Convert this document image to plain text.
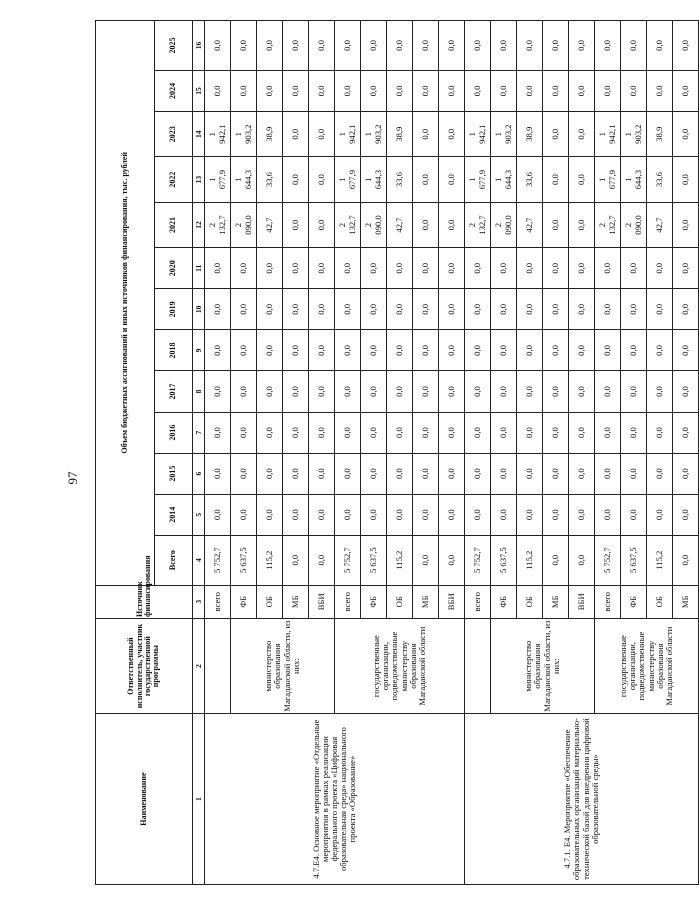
97
Наименование	Ответственный исполнитель, участник государственной программы	Источник финансирования	Объем бюджетных ассигнований и иных источников финансирования, тыс. рублей												
			Всего	2014	2015	2016	2017	2018	2019	2020	2021	2022	2023	2024	2025
1	2	3	4	5	6	7	8	9	10	11	12	13	14	15	16
4.7.Е4. Основное мероприятие «Отдельные мероприятия в рамках реализации федерального проекта «Цифровая образовательная среда» национального проекта «Образование»		всего	5 752,7	0,0	0,0	0,0	0,0	0,0	0,0	0,0	2 132,7	1 677,9	1 942,1	0,0	0,0
	министерство образования Магаданской области, из них:	ФБ	5 637,5	0,0	0,0	0,0	0,0	0,0	0,0	0,0	2 090,0	1 644,3	1 903,2	0,0	0,0
		ОБ	115,2	0,0	0,0	0,0	0,0	0,0	0,0	0,0	42,7	33,6	38,9	0,0	0,0
		МБ	0,0	0,0	0,0	0,0	0,0	0,0	0,0	0,0	0,0	0,0	0,0	0,0	0,0
		ВБИ	0,0	0,0	0,0	0,0	0,0	0,0	0,0	0,0	0,0	0,0	0,0	0,0	0,0
	государственные организации, подведомственные министерству образования Магаданской области	всего	5 752,7	0,0	0,0	0,0	0,0	0,0	0,0	0,0	2 132,7	1 677,9	1 942,1	0,0	0,0
		ФБ	5 637,5	0,0	0,0	0,0	0,0	0,0	0,0	0,0	2 090,0	1 644,3	1 903,2	0,0	0,0
		ОБ	115,2	0,0	0,0	0,0	0,0	0,0	0,0	0,0	42,7	33,6	38,9	0,0	0,0
		МБ	0,0	0,0	0,0	0,0	0,0	0,0	0,0	0,0	0,0	0,0	0,0	0,0	0,0
		ВБИ	0,0	0,0	0,0	0,0	0,0	0,0	0,0	0,0	0,0	0,0	0,0	0,0	0,0
4.7.1. Е4. Мероприятие «Обеспечение образовательных организаций материально-технической базой для внедрения цифровой образовательной среды»		всего	5 752,7	0,0	0,0	0,0	0,0	0,0	0,0	0,0	2 132,7	1 677,9	1 942,1	0,0	0,0
	министерство образования Магаданской области, из них:	ФБ	5 637,5	0,0	0,0	0,0	0,0	0,0	0,0	0,0	2 090,0	1 644,3	1 903,2	0,0	0,0
		ОБ	115,2	0,0	0,0	0,0	0,0	0,0	0,0	0,0	42,7	33,6	38,9	0,0	0,0
		МБ	0,0	0,0	0,0	0,0	0,0	0,0	0,0	0,0	0,0	0,0	0,0	0,0	0,0
		ВБИ	0,0	0,0	0,0	0,0	0,0	0,0	0,0	0,0	0,0	0,0	0,0	0,0	0,0
	государственные организации, подведомственные министерству образования Магаданской области	всего	5 752,7	0,0	0,0	0,0	0,0	0,0	0,0	0,0	2 132,7	1 677,9	1 942,1	0,0	0,0
		ФБ	5 637,5	0,0	0,0	0,0	0,0	0,0	0,0	0,0	2 090,0	1 644,3	1 903,2	0,0	0,0
		ОБ	115,2	0,0	0,0	0,0	0,0	0,0	0,0	0,0	42,7	33,6	38,9	0,0	0,0
		МБ	0,0	0,0	0,0	0,0	0,0	0,0	0,0	0,0	0,0	0,0	0,0	0,0	0,0
